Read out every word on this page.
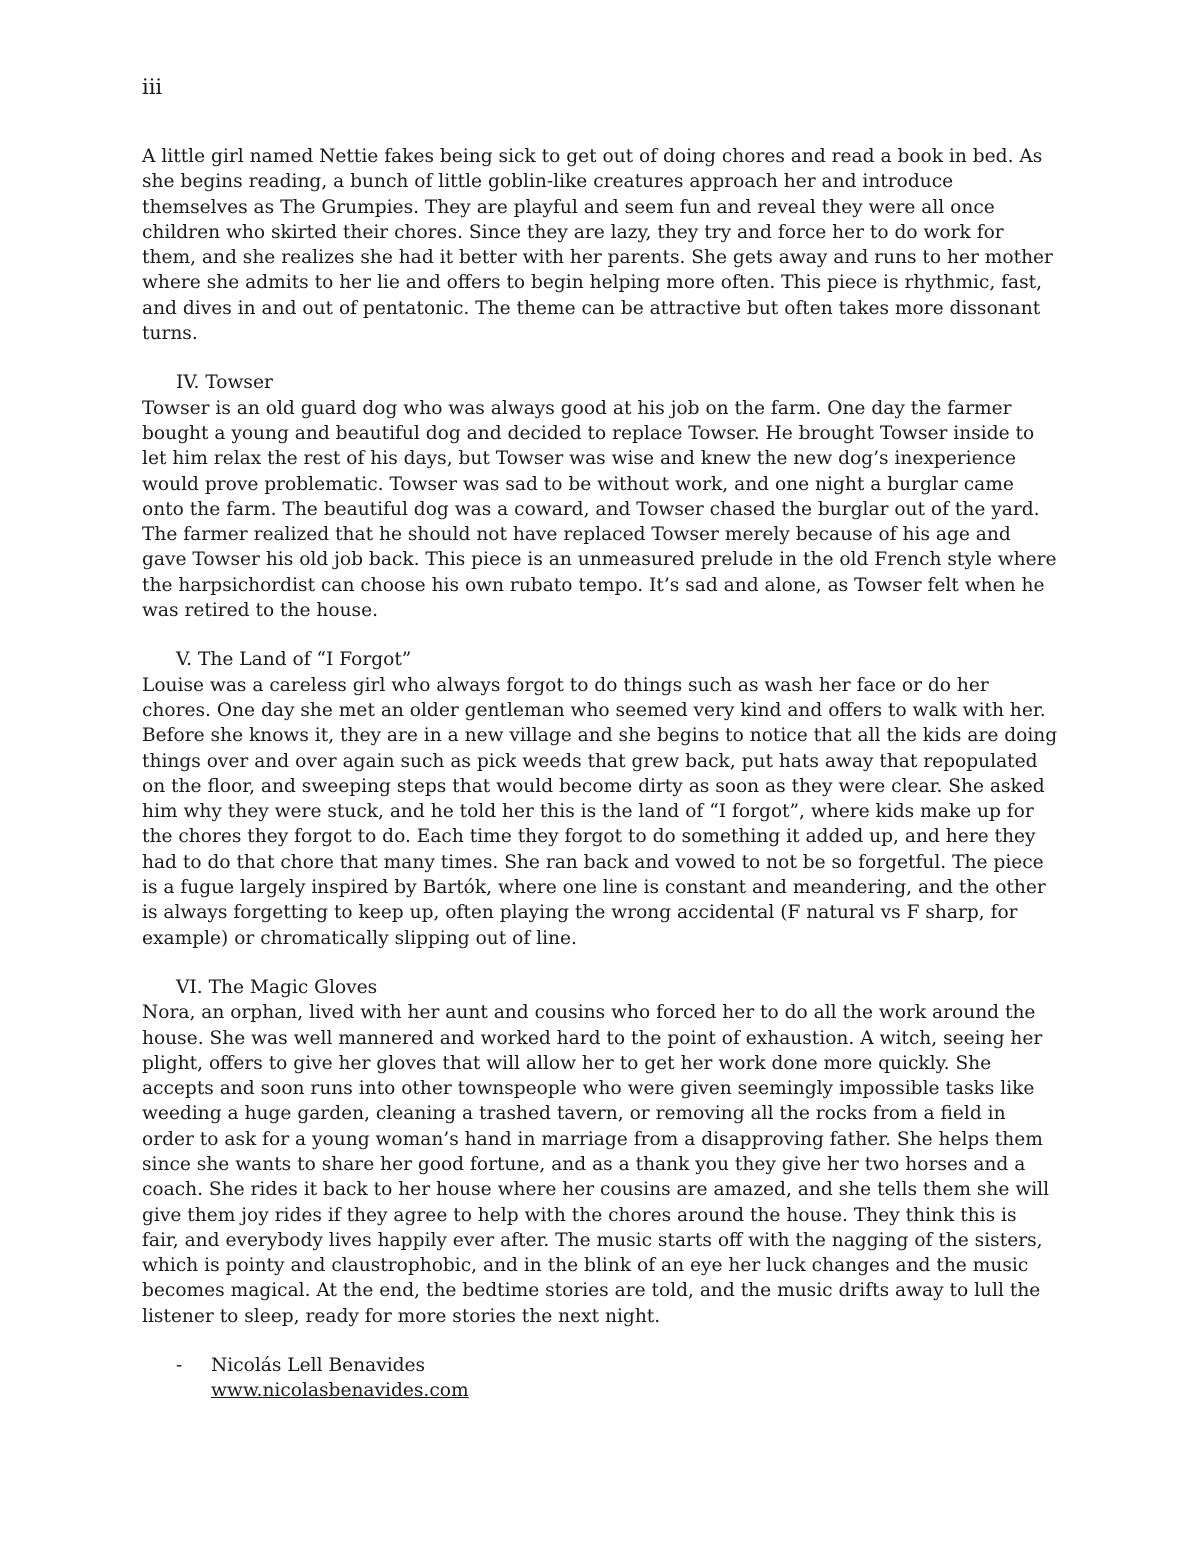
iii

A little girl named Nettie fakes being sick to get out of doing chores and read a book in bed. As she begins reading, a bunch of little goblin-like creatures approach her and introduce themselves as The Grumpies. They are playful and seem fun and reveal they were all once children who skirted their chores. Since they are lazy, they try and force her to do work for them, and she realizes she had it better with her parents. She gets away and runs to her mother where she admits to her lie and offers to begin helping more often. This piece is rhythmic, fast, and dives in and out of pentatonic. The theme can be attractive but often takes more dissonant turns.

IV. Towser

Towser is an old guard dog who was always good at his job on the farm. One day the farmer bought a young and beautiful dog and decided to replace Towser. He brought Towser inside to let him relax the rest of his days, but Towser was wise and knew the new dog’s inexperience would prove problematic. Towser was sad to be without work, and one night a burglar came onto the farm. The beautiful dog was a coward, and Towser chased the burglar out of the yard. The farmer realized that he should not have replaced Towser merely because of his age and gave Towser his old job back. This piece is an unmeasured prelude in the old French style where the harpsichordist can choose his own rubato tempo. It’s sad and alone, as Towser felt when he was retired to the house.

V. The Land of “I Forgot”

Louise was a careless girl who always forgot to do things such as wash her face or do her chores. One day she met an older gentleman who seemed very kind and offers to walk with her. Before she knows it, they are in a new village and she begins to notice that all the kids are doing things over and over again such as pick weeds that grew back, put hats away that repopulated on the floor, and sweeping steps that would become dirty as soon as they were clear. She asked him why they were stuck, and he told her this is the land of “I forgot”, where kids make up for the chores they forgot to do. Each time they forgot to do something it added up, and here they had to do that chore that many times. She ran back and vowed to not be so forgetful. The piece is a fugue largely inspired by Bartók, where one line is constant and meandering, and the other is always forgetting to keep up, often playing the wrong accidental (F natural vs F sharp, for example) or chromatically slipping out of line.

VI. The Magic Gloves

Nora, an orphan, lived with her aunt and cousins who forced her to do all the work around the house. She was well mannered and worked hard to the point of exhaustion. A witch, seeing her plight, offers to give her gloves that will allow her to get her work done more quickly. She accepts and soon runs into other townspeople who were given seemingly impossible tasks like weeding a huge garden, cleaning a trashed tavern, or removing all the rocks from a field in order to ask for a young woman’s hand in marriage from a disapproving father. She helps them since she wants to share her good fortune, and as a thank you they give her two horses and a coach. She rides it back to her house where her cousins are amazed, and she tells them she will give them joy rides if they agree to help with the chores around the house. They think this is fair, and everybody lives happily ever after. The music starts off with the nagging of the sisters, which is pointy and claustrophobic, and in the blink of an eye her luck changes and the music becomes magical. At the end, the bedtime stories are told, and the music drifts away to lull the listener to sleep, ready for more stories the next night.

- Nicolás Lell Benavides
www.nicolasbenavides.com
